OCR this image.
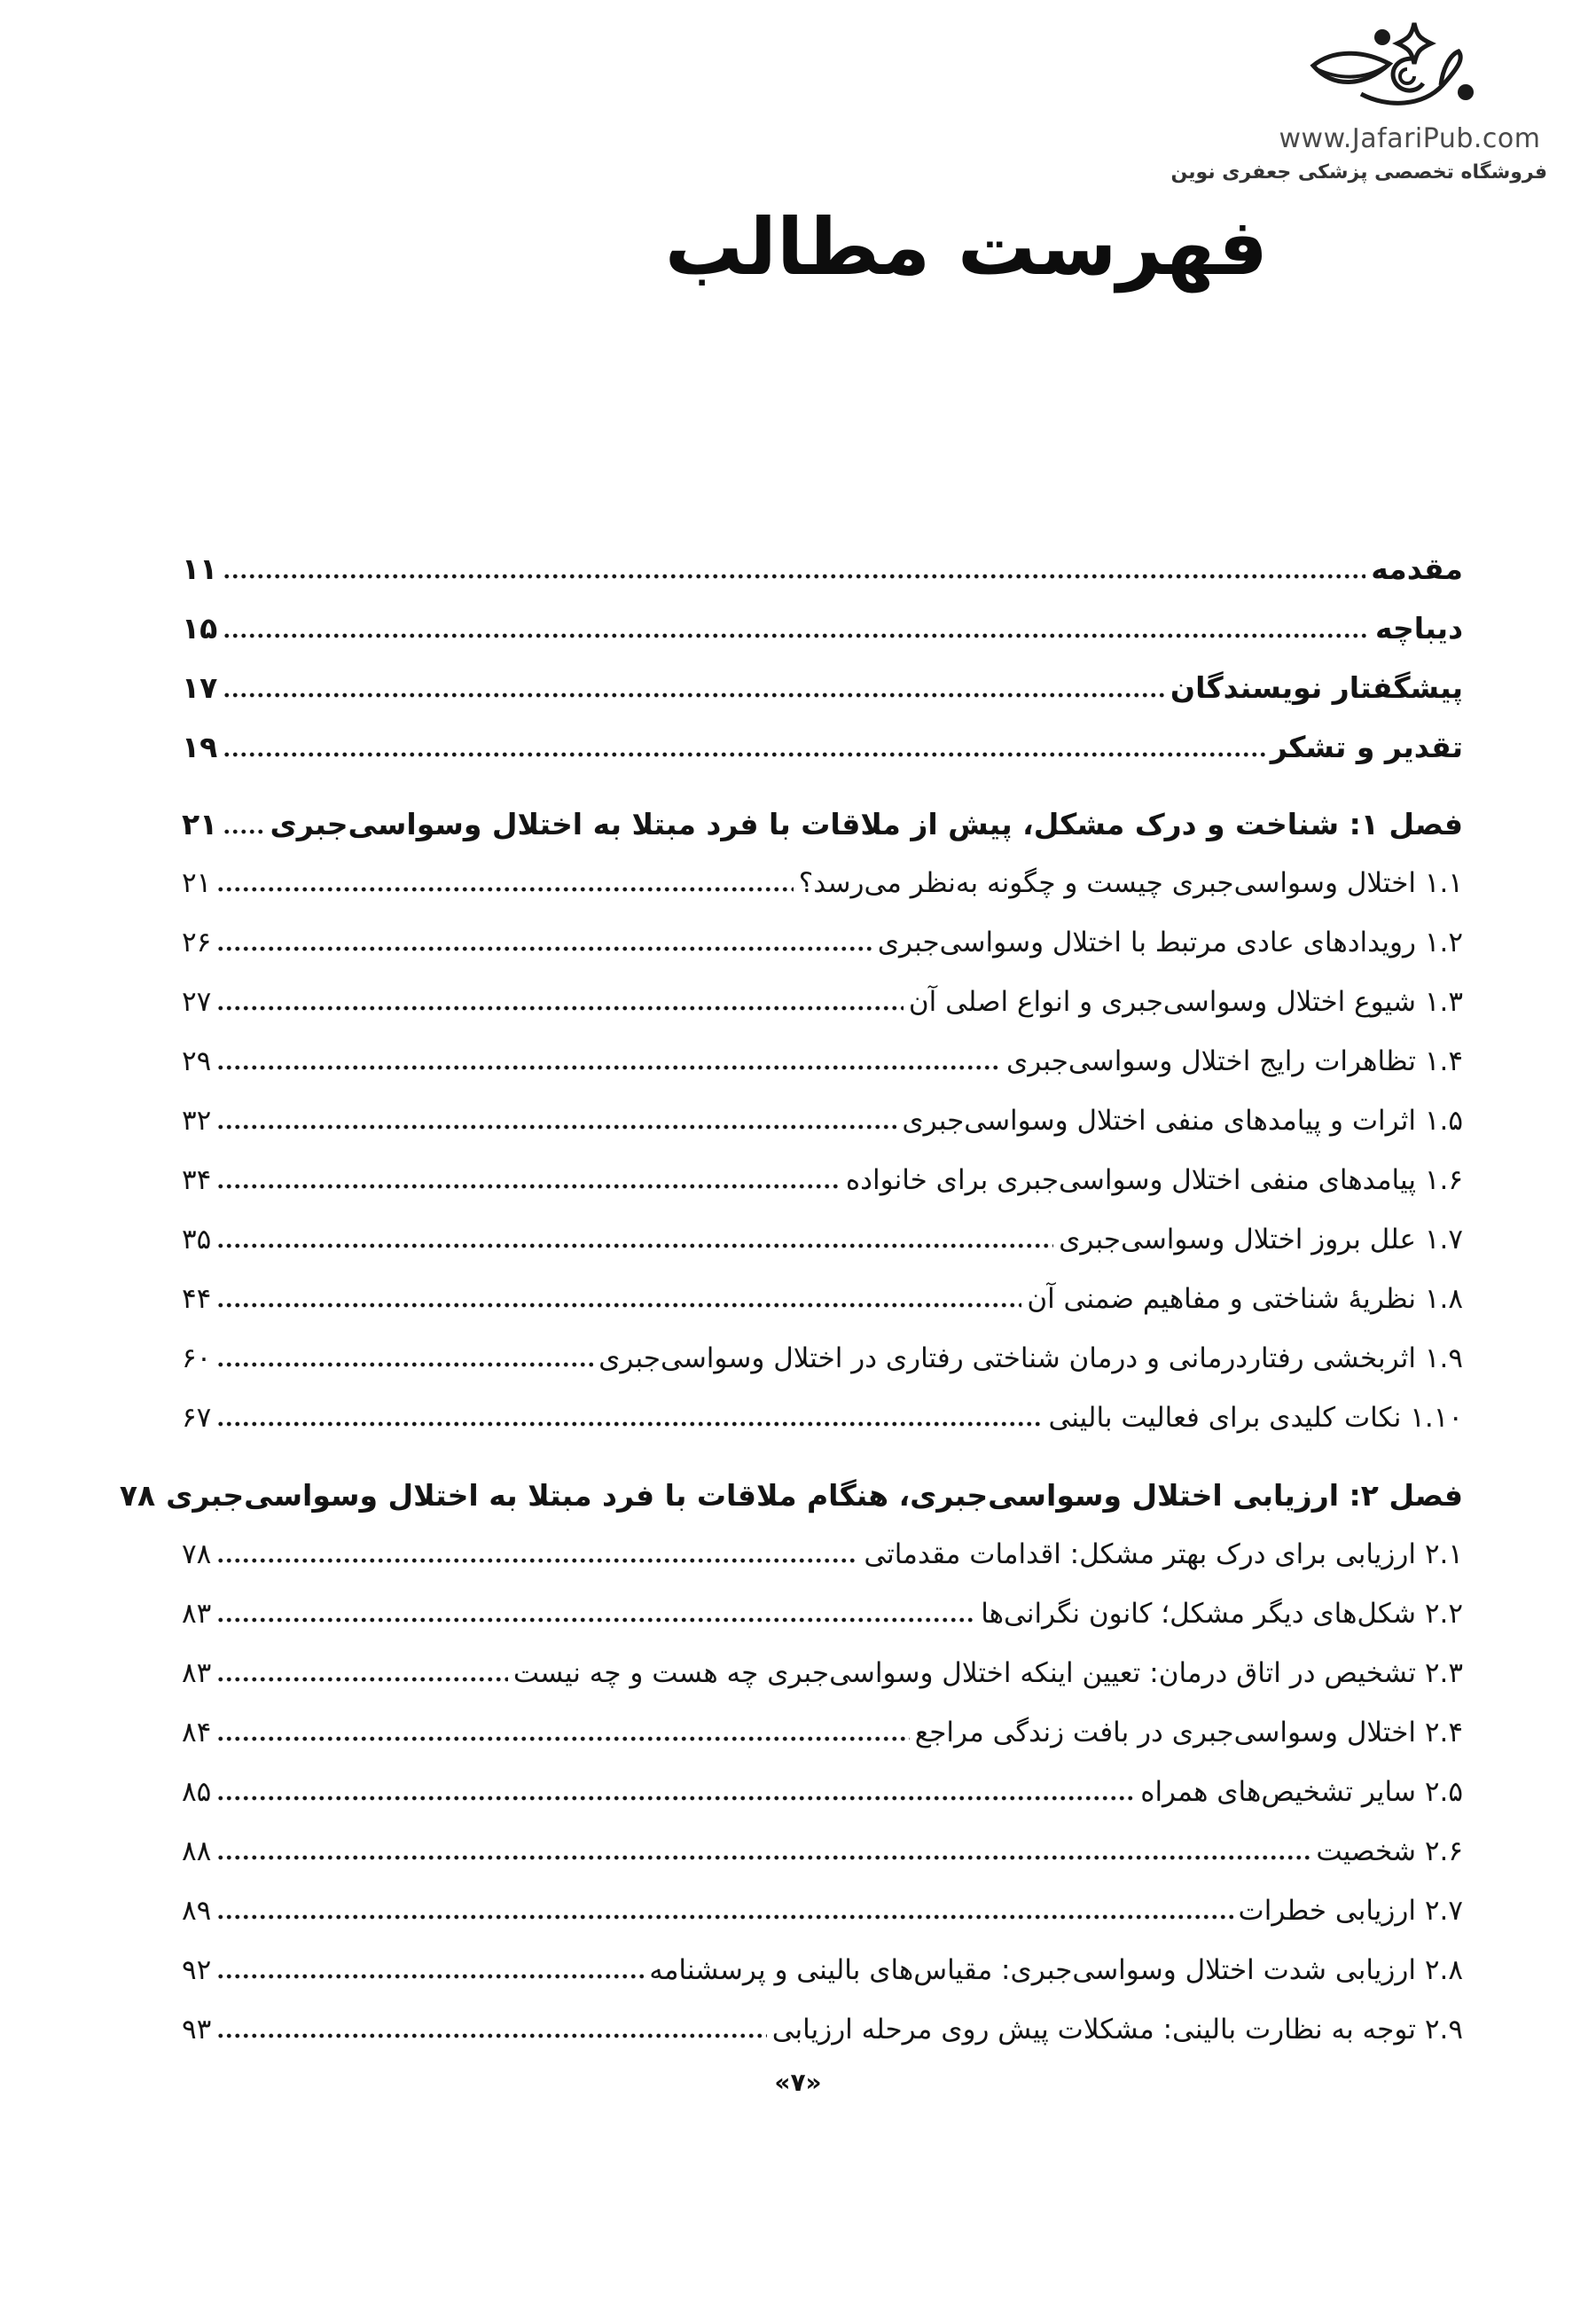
www.JafariPub.com
فروشگاه تخصصی پزشکی جعفری نوین
فهرست مطالب
مقدمه
۱۱
دیباچه
۱۵
پیشگفتار نویسندگان
۱۷
تقدیر و تشکر
۱۹
فصل ۱: شناخت و درک مشکل، پیش از ملاقات با فرد مبتلا به اختلال وسواسی‌جبری
۲۱
۱.۱ اختلال وسواسی‌جبری چیست و چگونه به‌نظر می‌رسد؟
۲۱
۱.۲ رویدادهای عادی مرتبط با اختلال وسواسی‌جبری
۲۶
۱.۳ شیوع اختلال وسواسی‌جبری و انواع اصلی آن
۲۷
۱.۴ تظاهرات رایج اختلال وسواسی‌جبری
۲۹
۱.۵ اثرات و پیامدهای منفی اختلال وسواسی‌جبری
۳۲
۱.۶ پیامدهای منفی اختلال وسواسی‌جبری برای خانواده
۳۴
۱.۷ علل بروز اختلال وسواسی‌جبری
۳۵
۱.۸ نظریۀ شناختی و مفاهیم ضمنی آن
۴۴
۱.۹ اثربخشی رفتاردرمانی و درمان شناختی رفتاری در اختلال وسواسی‌جبری
۶۰
۱.۱۰ نکات کلیدی برای فعالیت بالینی
۶۷
فصل ۲: ارزیابی اختلال وسواسی‌جبری، هنگام ملاقات با فرد مبتلا به اختلال وسواسی‌جبری
۷۸
۲.۱ ارزیابی برای درک بهتر مشکل: اقدامات مقدماتی
۷۸
۲.۲ شکل‌های دیگر مشکل؛ کانون نگرانی‌ها
۸۳
۲.۳ تشخیص در اتاق درمان: تعیین اینکه اختلال وسواسی‌جبری چه هست و چه نیست
۸۳
۲.۴ اختلال وسواسی‌جبری در بافت زندگی مراجع
۸۴
۲.۵ سایر تشخیص‌های همراه
۸۵
۲.۶ شخصیت
۸۸
۲.۷ ارزیابی خطرات
۸۹
۲.۸ ارزیابی شدت اختلال وسواسی‌جبری: مقیاس‌های بالینی و پرسشنامه
۹۲
۲.۹ توجه به نظارت بالینی: مشکلات پیش روی مرحله ارزیابی
۹۳
«۷»
